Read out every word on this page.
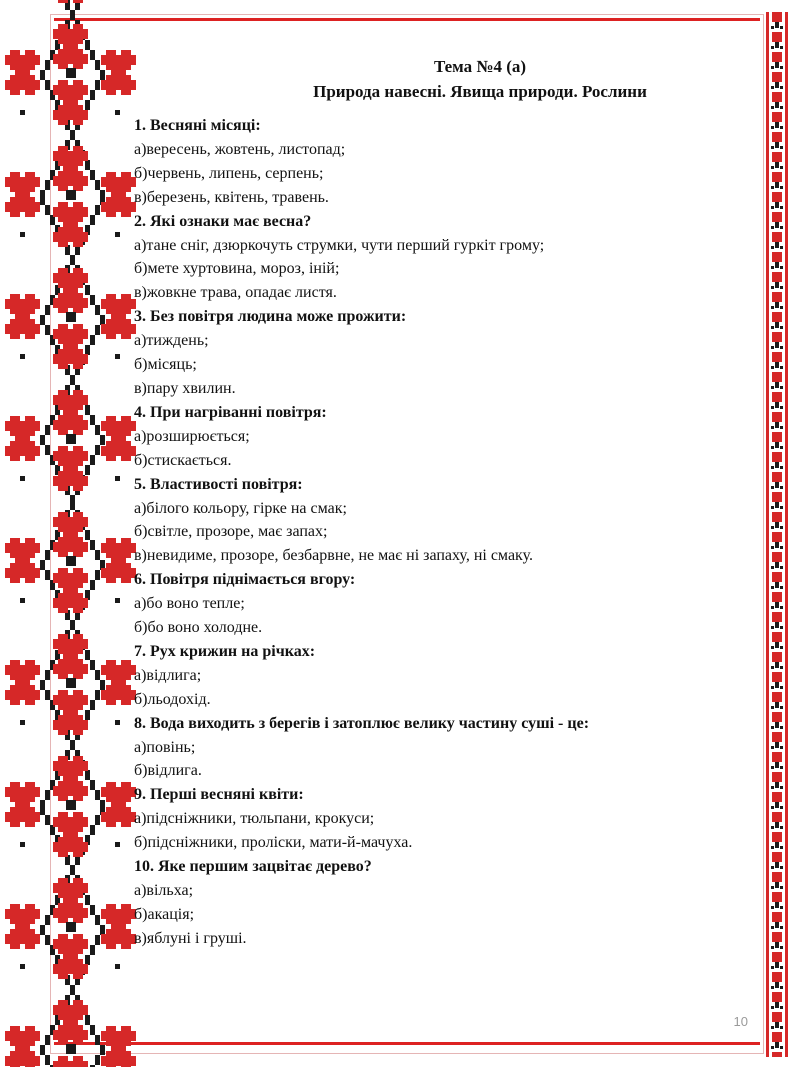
Тема №4 (а)
Природа навесні. Явища природи. Рослини
1. Весняні місяці:
а)вересень, жовтень, листопад;
б)червень, липень, серпень;
в)березень, квітень, травень.
2. Які ознаки має весна?
а)тане сніг, дзюркочуть струмки, чути перший гуркіт грому;
б)мете хуртовина, мороз, іній;
в)жовкне трава, опадає листя.
3. Без повітря людина може прожити:
а)тиждень;
б)місяць;
в)пару хвилин.
4. При нагріванні повітря:
а)розширюється;
б)стискається.
5. Властивості повітря:
а)білого кольору, гірке на смак;
б)світле, прозоре, має запах;
в)невидиме, прозоре, безбарвне, не має ні запаху, ні смаку.
6. Повітря піднімається вгору:
а)бо воно тепле;
б)бо воно холодне.
7. Рух крижин на річках:
а)відлига;
б)льодохід.
8. Вода виходить з берегів і затоплює велику частину суші - це:
а)повінь;
б)відлига.
9. Перші весняні квіти:
а)підсніжники, тюльпани, крокуси;
б)підсніжники, проліски, мати-й-мачуха.
10. Яке першим зацвітає дерево?
а)вільха;
б)акація;
в)яблуні і груші.
10
